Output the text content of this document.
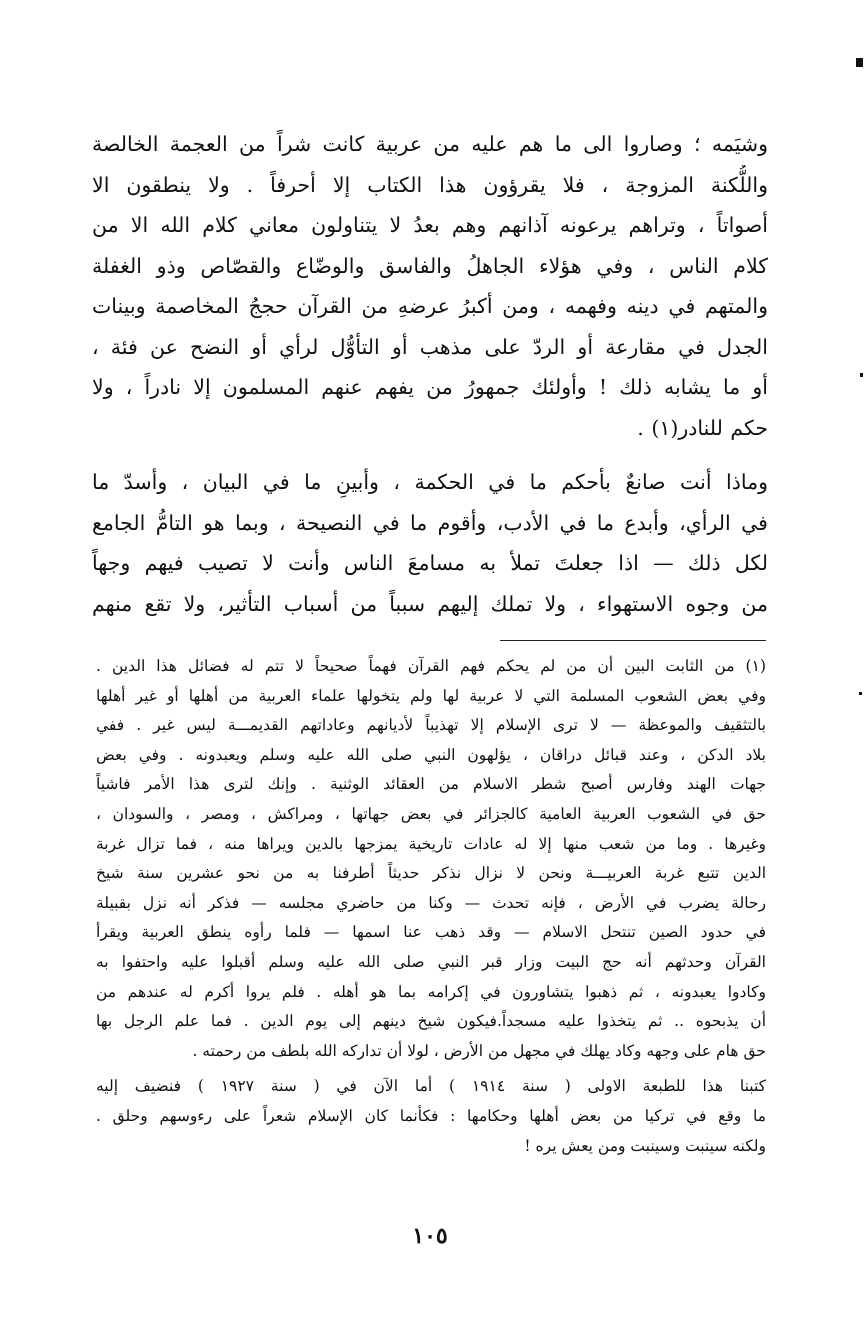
وشيَمه ؛ وصاروا الى ما هم عليه من عربية كانت شراً من العجمة الخالصة
واللُّكنة المزوجة ، فلا يقرؤون هذا الكتاب إلا أحرفاً . ولا ينطقون الا
أصواتاً ، وتراهم يرعونه آذانهم وهم بعدُ لا يتناولون معاني كلام الله الا من
كلام الناس ، وفي هؤلاء الجاهلُ والفاسق والوضّاع والقصّاص وذو الغفلة
والمتهم في دينه وفهمه ، ومن أكبرُ عرضهِ من القرآن حججُ المخاصمة وبينات
الجدل في مقارعة أو الردّ على مذهب أو التأوُّل لرأي أو النضح عن فئة ،
أو ما يشابه ذلك ! وأولئك جمهورُ من يفهم عنهم المسلمون إلا نادراً ، ولا
حكم للنادر(١) .
وماذا أنت صانعٌ بأحكم ما في الحكمة ، وأبينِ ما في البيان ، وأسدّ ما
في الرأي، وأبدع ما في الأدب، وأقوم ما في النصيحة ، وبما هو التامُّ الجامع
لكل ذلك — اذا جعلتَ تملأ به مسامعَ الناس وأنت لا تصيب فيهم وجهاً
من وجوه الاستهواء ، ولا تملك إليهم سبباً من أسباب التأثير، ولا تقع منهم
(١) من الثابت البين أن من لم يحكم فهم القرآن فهماً صحيحاً لا تتم له فضائل هذا الدين .
وفي بعض الشعوب المسلمة التي لا عربية لها ولم يتخولها علماء العربية من أهلها أو غير أهلها
بالتثقيف والموعظة — لا ترى الإسلام إلا تهذيباً لأديانهم وعاداتهم القديمـــة ليس غير . ففي
بلاد الدكن ، وعند قبائل دراقان ، يؤلهون النبي صلى الله عليه وسلم ويعبدونه . وفي بعض
جهات الهند وفارس أصبح شطر الاسلام من العقائد الوثنية . وإنك لترى هذا الأمر فاشياً
حق في الشعوب العربية العامية كالجزائر في بعض جهاتها ، ومراكش ، ومصر ، والسودان ،
وغيرها . وما من شعب منها إلا له عادات تاريخية يمزجها بالدين ويراها منه ، فما تزال غربة
الدين تتبع غربة العربيـــة ونحن لا نزال نذكر حديثاً أطرفنا به من نحو عشرين سنة شيخ
رحالة يضرب في الأرض ، فإنه تحدث — وكنا من حاضري مجلسه — فذكر أنه نزل بقبيلة
في حدود الصين تنتحل الاسلام — وقد ذهب عنا اسمها — فلما رأوه ينطق العربية ويقرأ
القرآن وحدثهم أنه حج البيت وزار قبر النبي صلى الله عليه وسلم أقبلوا عليه واحتفوا به
وكادوا يعبدونه ، ثم ذهبوا يتشاورون في إكرامه بما هو أهله . فلم يروا أكرم له عندهم من
أن يذبحوه .. ثم يتخذوا عليه مسجداً.فيكون شيخ دينهم إلى يوم الدين . فما علم الرجل بها
حق هام على وجهه وكاد يهلك في مجهل من الأرض ، لولا أن تداركه الله بلطف من رحمته .
كتبنا هذا للطبعة الاولى ( سنة ١٩١٤ ) أما الآن في ( سنة ١٩٢٧ ) فنضيف إليه
ما وقع في تركيا من بعض أهلها وحكامها : فكأنما كان الإسلام شعراً على رءوسهم وحلق .
ولكنه سينبت وسينبت ومن يعش يره !
١٠٥
